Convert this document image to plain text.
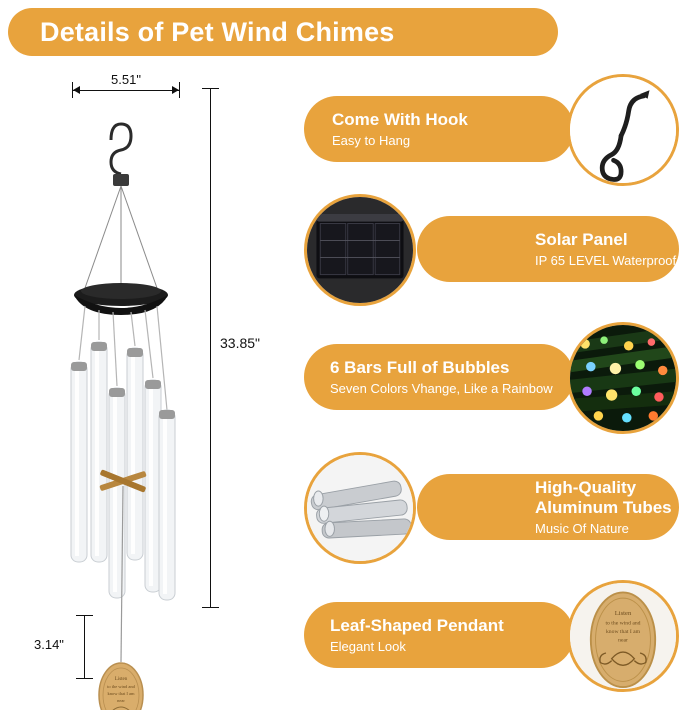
Details of Pet Wind Chimes
5.51"
33.85"
3.14"
Listen
to the wind and
know that I am
near
Come With Hook
Easy to Hang
Solar Panel
IP 65 LEVEL Waterproof
6 Bars Full of Bubbles
Seven Colors Vhange, Like a Rainbow
High-Quality Aluminum Tubes
Music Of Nature
Leaf-Shaped Pendant
Elegant Look
Listen
to the wind and
know that I am
near
